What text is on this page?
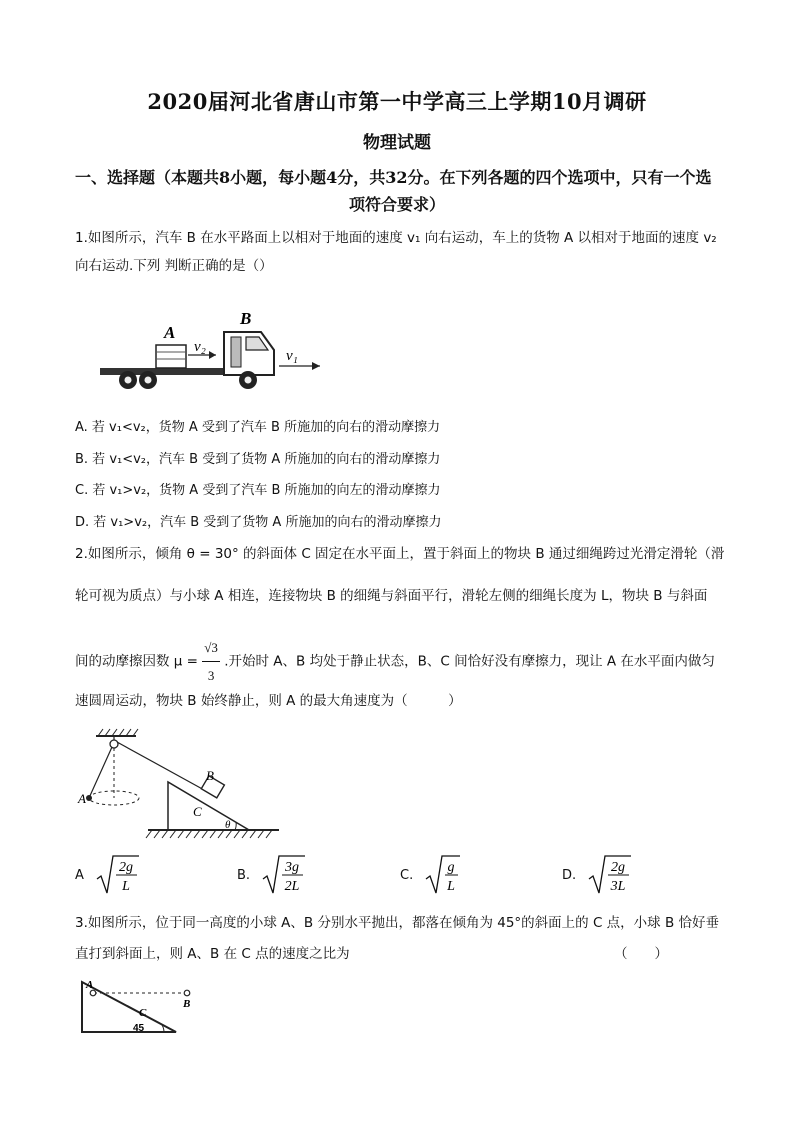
2020届河北省唐山市第一中学高三上学期10月调研
物理试题
一、选择题（本题共8小题，每小题4分，共32分。在下列各题的四个选项中，只有一个选
项符合要求）
1.如图所示，汽车 B 在水平路面上以相对于地面的速度 v₁ 向右运动，车上的货物 A 以相对于地面的速度 v₂
向右运动.下列 判断正确的是（）
A
B
v₂
v₁
A. 若 v₁<v₂，货物 A 受到了汽车 B 所施加的向右的滑动摩擦力
B. 若 v₁<v₂，汽车 B 受到了货物 A 所施加的向右的滑动摩擦力
C. 若 v₁>v₂，货物 A 受到了汽车 B 所施加的向左的滑动摩擦力
D. 若 v₁>v₂，汽车 B 受到了货物 A 所施加的向右的滑动摩擦力
2.如图所示，倾角 θ = 30° 的斜面体 C 固定在水平面上，置于斜面上的物块 B 通过细绳跨过光滑定滑轮（滑
轮可视为质点）与小球 A 相连，连接物块 B 的细绳与斜面平行，滑轮左侧的细绳长度为 L，物块 B 与斜面
间的动摩擦因数 $\mu = \frac{√3}{3}$ .开始时 A、B 均处于静止状态，B、C 间恰好没有摩擦力，现让 A 在水平面内做匀
速圆周运动，物块 B 始终静止，则 A 的最大角速度为（　　　）
A
B
C
θ
A	2g
L
B.	3g
2L
C. g
L
D.	2g
3L
3.如图所示，位于同一高度的小球 A、B 分别水平抛出，都落在倾角为 45°的斜面上的 C 点，小球 B 恰好垂
直打到斜面上，则 A、B 在 C 点的速度之比为	（　　）
A
B
C
45
